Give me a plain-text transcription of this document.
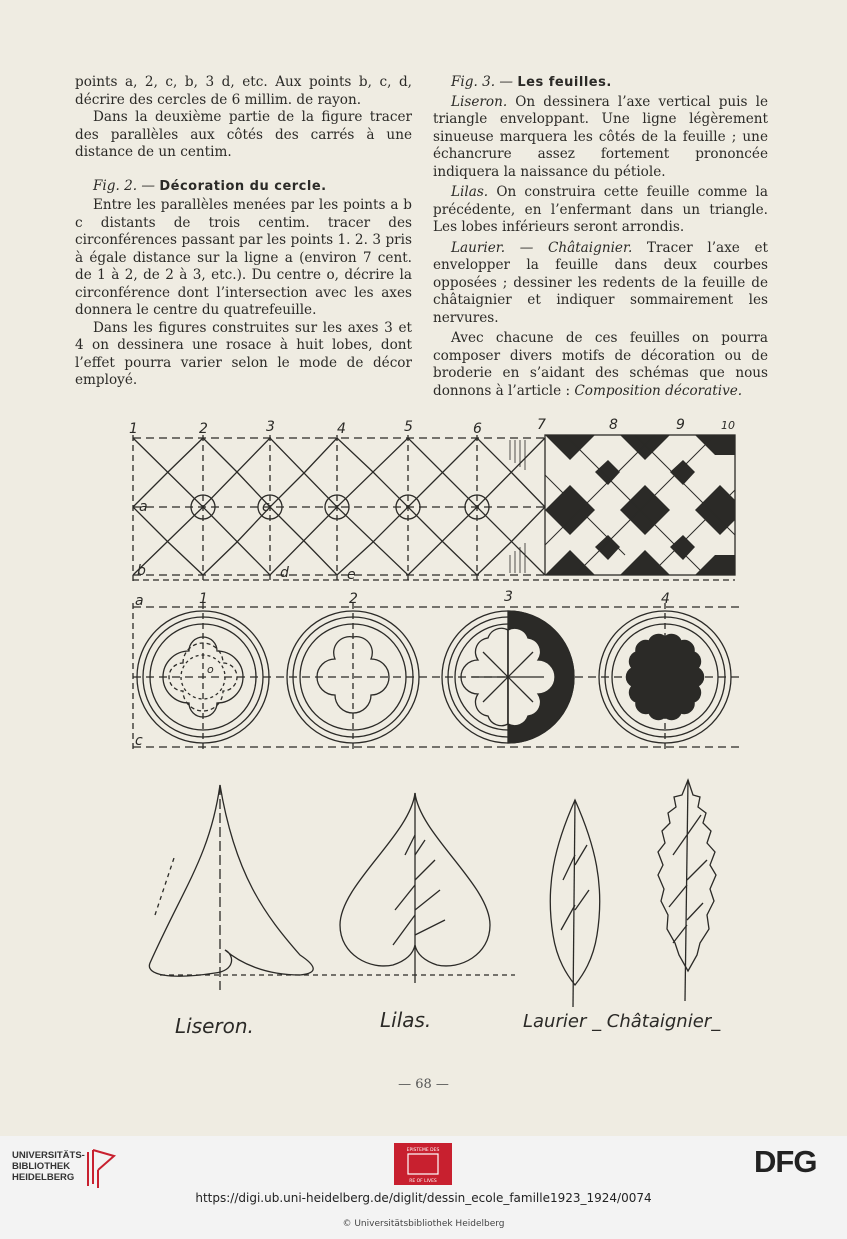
points a, 2, c, b, 3 d, etc. Aux points b, c, d, décrire des cercles de 6 millim. de rayon.

Dans la deuxième partie de la figure tracer des parallèles aux côtés des carrés à une distance de un centim.

Fig. 2. — Décoration du cercle.

Entre les parallèles menées par les points a b c distants de trois centim. tracer des circonférences passant par les points 1. 2. 3 pris à égale distance sur la ligne a (environ 7 cent. de 1 à 2, de 2 à 3, etc.). Du centre o, décrire la circonférence dont l’intersection avec les axes donnera le centre du quatrefeuille.

Dans les figures construites sur les axes 3 et 4 on dessinera une rosace à huit lobes, dont l’effet pourra varier selon le mode de décor employé.

Fig. 3. — Les feuilles.

Liseron. On dessinera l’axe vertical puis le triangle enveloppant. Une ligne légèrement sinueuse marquera les côtés de la feuille ; une échancrure assez fortement prononcée indiquera la naissance du pétiole.

Lilas. On construira cette feuille comme la précédente, en l’enfermant dans un triangle. Les lobes inférieurs seront arrondis.

Laurier. — Châtaignier. Tracer l’axe et envelopper la feuille dans deux courbes opposées ; dessiner les redents de la feuille de châtaignier et indiquer sommairement les nervures.

Avec chacune de ces feuilles on pourra composer divers motifs de décoration ou de broderie en s’aidant des schémas que nous donnons à l’article : Composition décorative.

1	2	3	4	5	6	7	8	9	10
a
b
c
d	e
1	2	3	4
a
c
o
Liseron.	Lilas.	Laurier _ Châtaignier_
— 68 —
UNIVERSITÄTS-
BIBLIOTHEK
HEIDELBERG
EPISTEME DES
RE OF LIVES
DFG
https://digi.ub.uni-heidelberg.de/diglit/dessin_ecole_famille1923_1924/0074
© Universitätsbibliothek Heidelberg
